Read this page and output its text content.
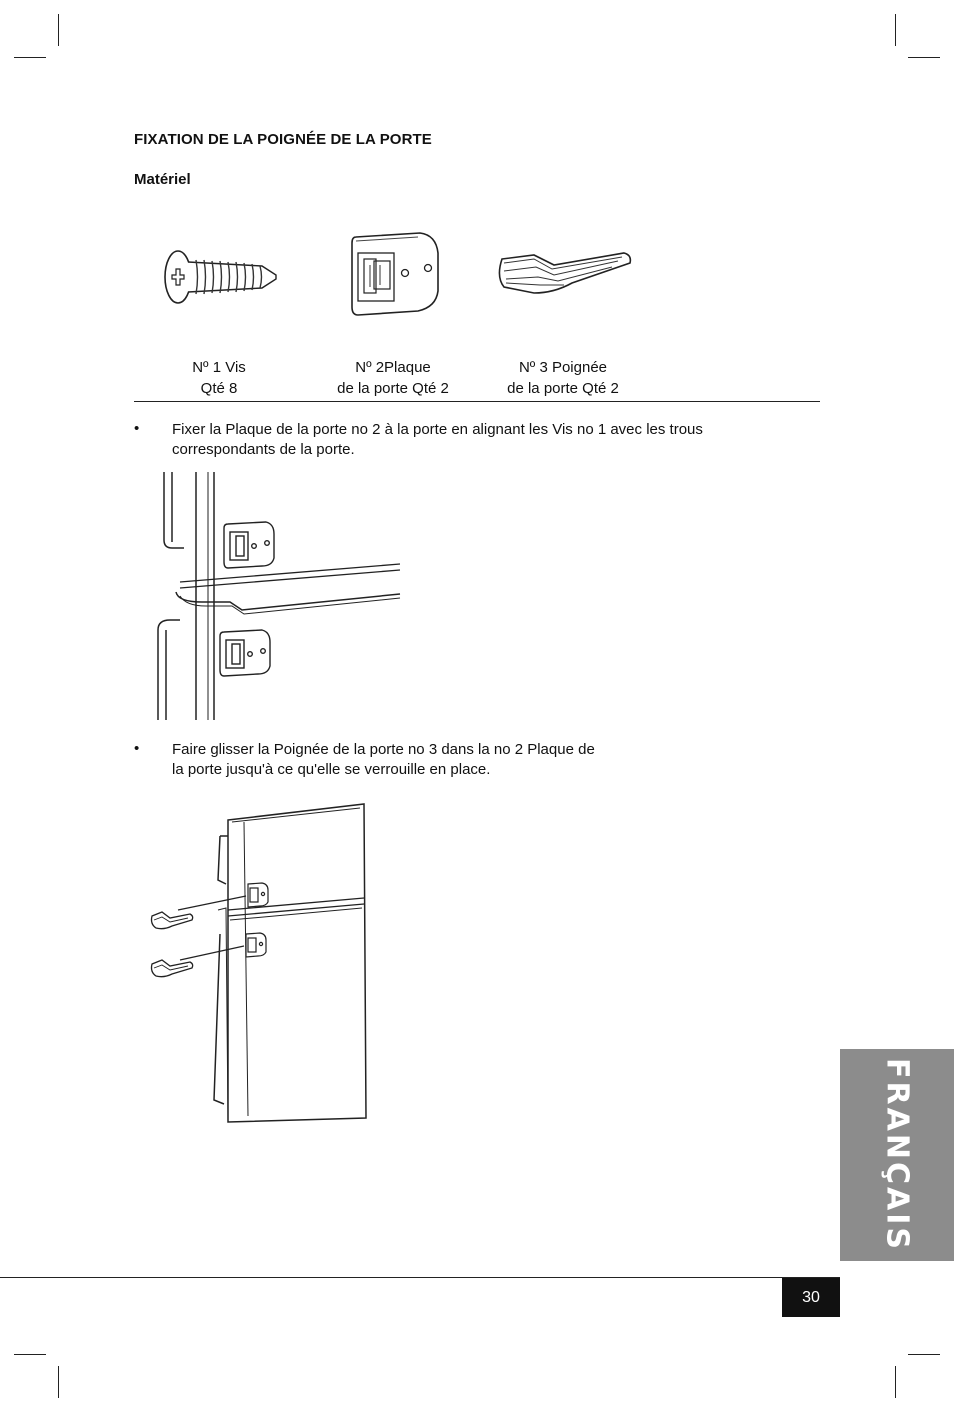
FIXATION DE LA POIGNÉE DE LA PORTE
Matériel
Nº 1 Vis
Qté 8
Nº 2Plaque
de la porte Qté 2
Nº 3 Poignée
de la porte Qté 2
• Fixer la Plaque de la porte no 2 à la porte en alignant les Vis no 1 avec les trous
correspondants de la porte.
• Faire glisser la Poignée de la porte no 3 dans la no 2 Plaque de
la porte jusqu'à ce qu'elle se verrouille en place.
FRANÇAIS
30
